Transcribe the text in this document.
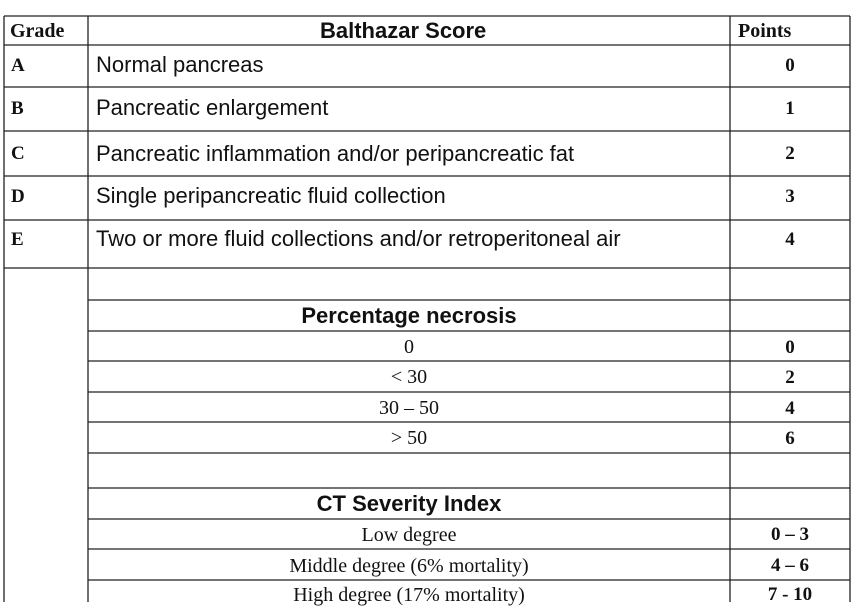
Grade	Balthazar Score	Points
A	Normal pancreas	0
B	Pancreatic enlargement	1
C	Pancreatic inflammation and/or peripancreatic fat	2
D	Single peripancreatic fluid collection	3
E	Two or more fluid collections and/or retroperitoneal air	4
Percentage necrosis
0	0
< 30	2
30 – 50	4
> 50	6
CT Severity Index
Low degree	0 – 3
Middle degree (6% mortality)	4 – 6
High degree (17% mortality)	7 - 10
